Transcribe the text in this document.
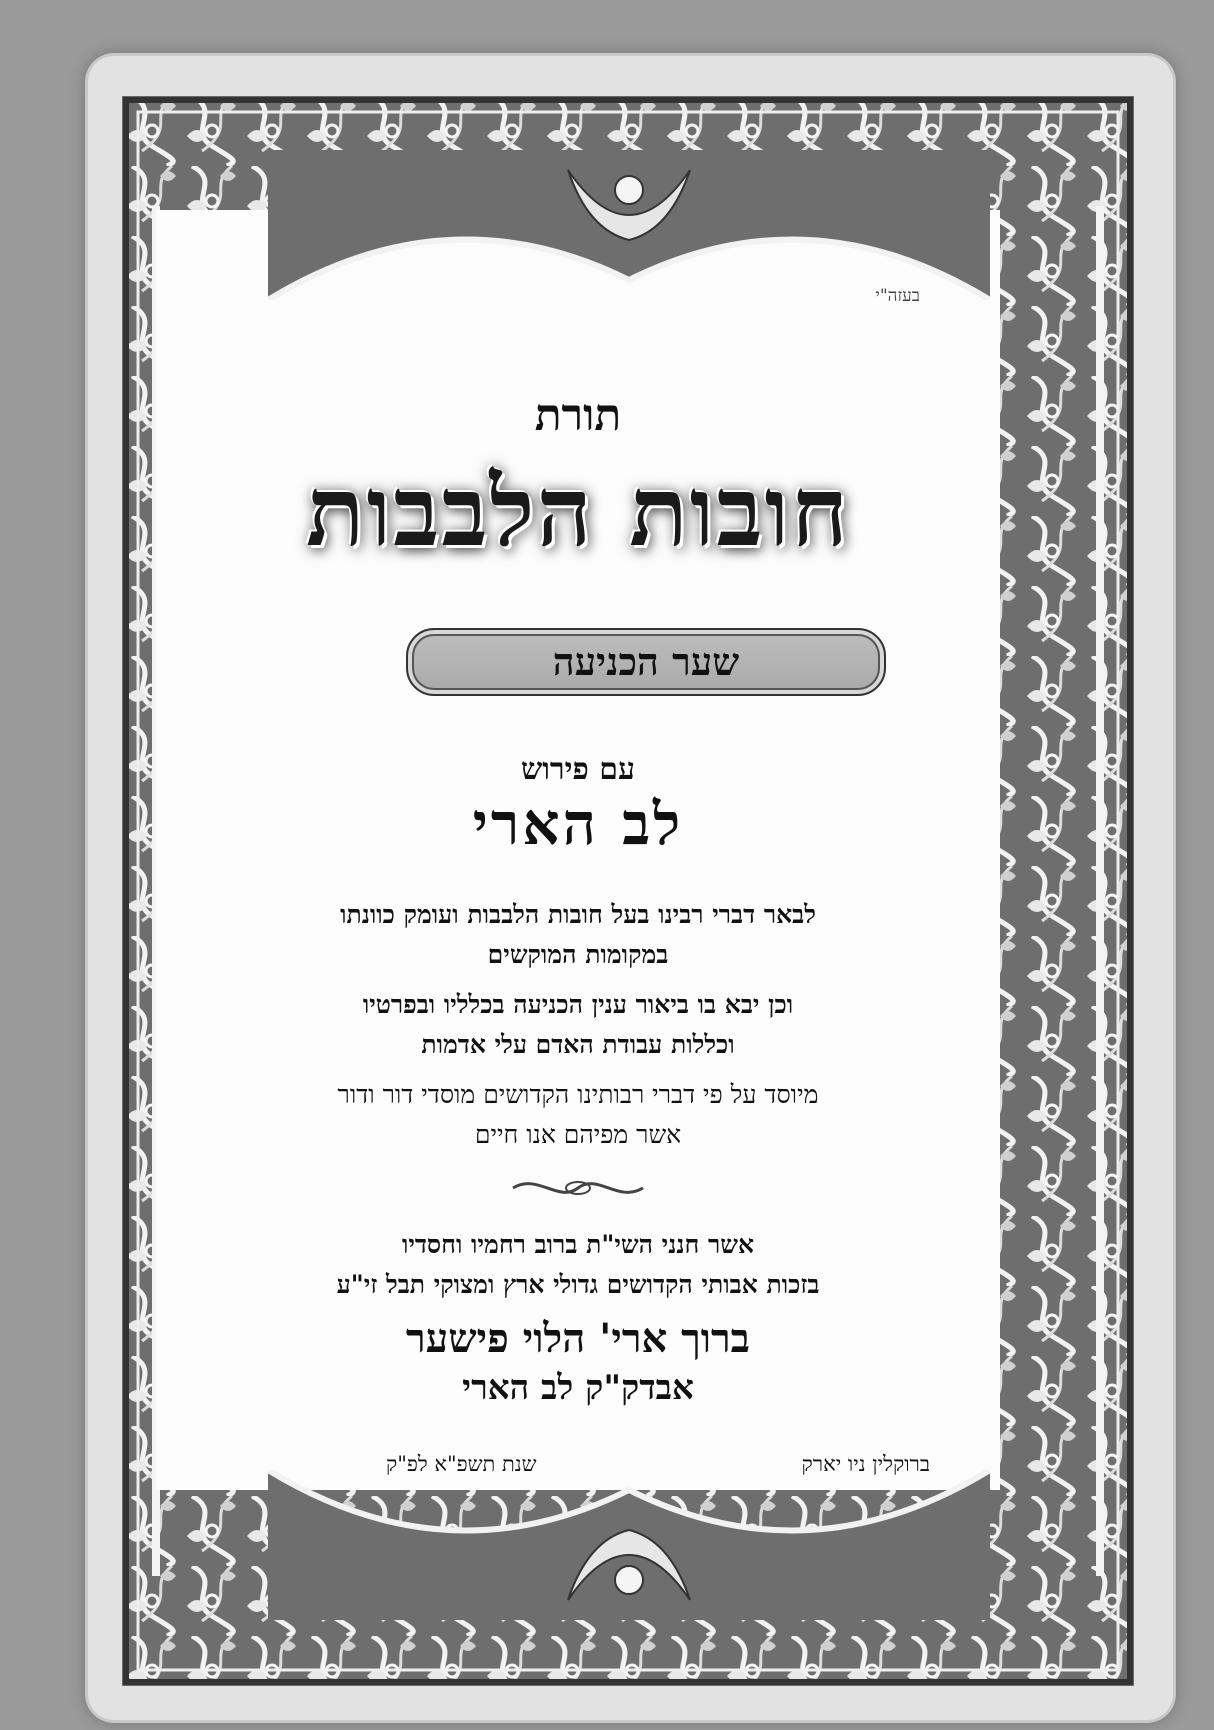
בעזה"י
תורת
חובות הלבבות
שער הכניעה
עם פירוש
לב הארי
לבאר דברי רבינו בעל חובות הלבבות ועומק כוונתו
במקומות המוקשים
וכן יבא בו ביאור ענין הכניעה בכלליו ובפרטיו
וכללות עבודת האדם עלי אדמות
מיוסד על פי דברי רבותינו הקדושים מוסדי דור ודור
אשר מפיהם אנו חיים
אשר חנני השי"ת ברוב רחמיו וחסדיו
בזכות אבותי הקדושים גדולי ארץ ומצוקי תבל זי"ע
ברוך ארי' הלוי פישער
אבדק"ק לב הארי
ברוקלין ניו יארק
שנת תשפ"א לפ"ק
